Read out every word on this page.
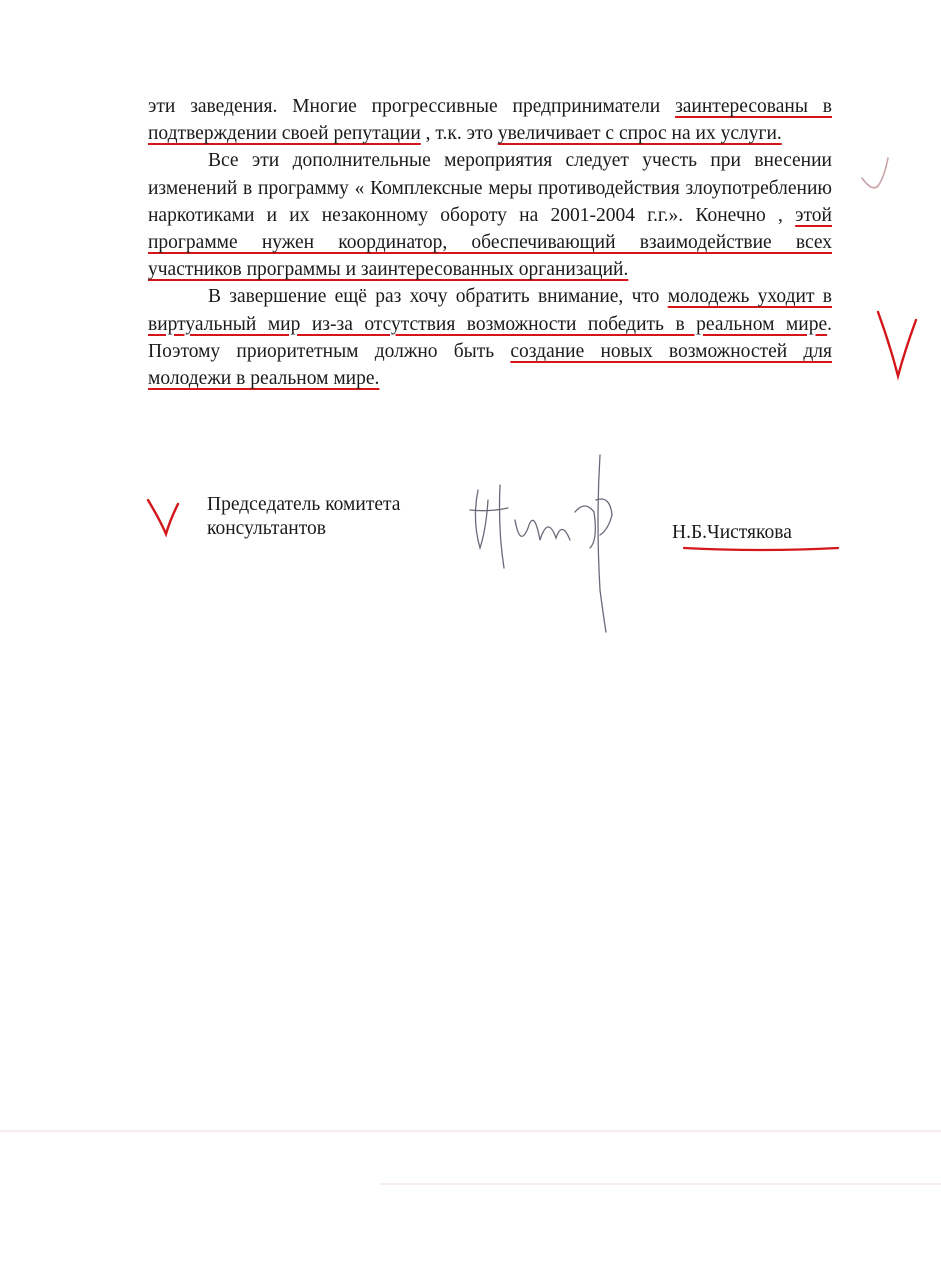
эти заведения. Многие прогрессивные предприниматели заинтересованы в подтверждении своей репутации , т.к. это увеличивает с спрос на их услуги.

Все эти дополнительные мероприятия следует учесть при внесении изменений в программу « Комплексные меры противодействия злоупотреблению наркотиками и их незаконному обороту на 2001-2004 г.г.». Конечно , этой программе нужен координатор, обеспечивающий взаимодействие всех участников программы и заинтересованных организаций.

В завершение ещё раз хочу обратить внимание, что молодежь уходит в виртуальный мир из-за отсутствия возможности победить в реальном мире. Поэтому приоритетным должно быть создание новых возможностей для молодежи в реальном мире.

Председатель комитета
консультантов	Н.Б.Чистякова
